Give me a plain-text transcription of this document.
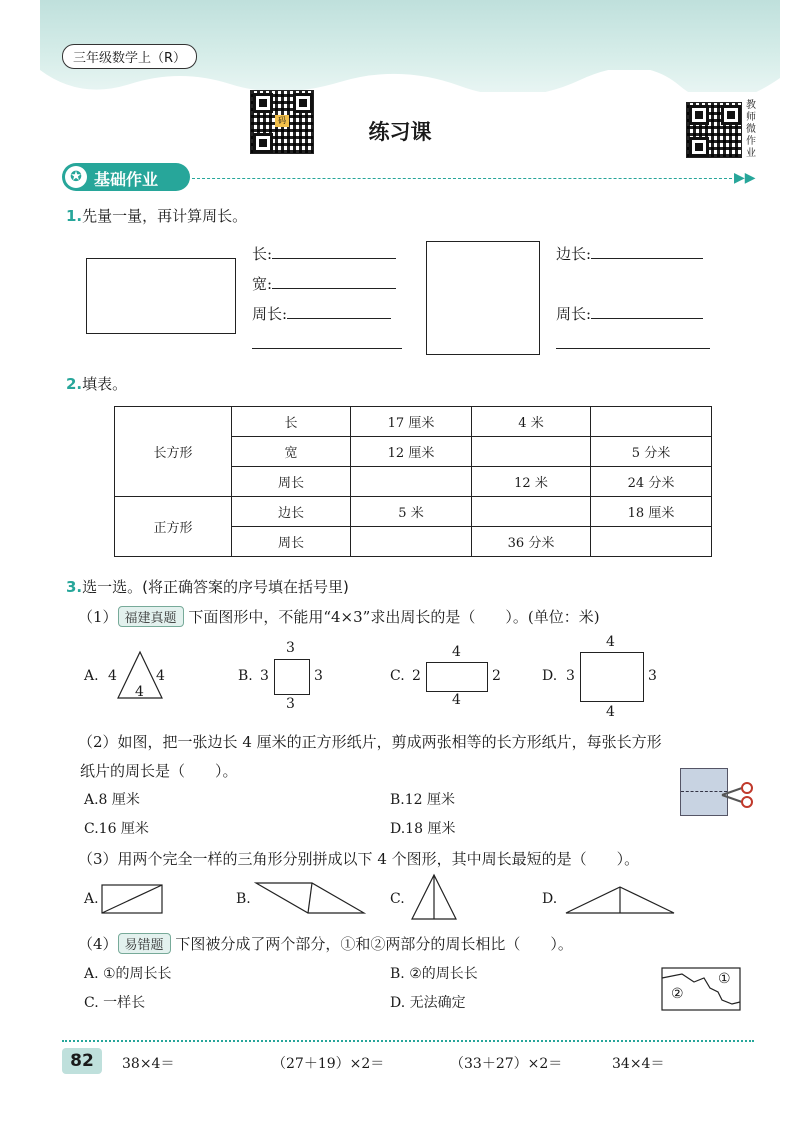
三年级数学上（R）
码	练习课
教师微作业
✪ 基础作业	▶▶
1.先量一量，再计算周长。
长:
宽:
周长:
边长:
周长:
2.填表。
长方形	长	17 厘米	4 米	
	宽	12 厘米		5 分米
	周长		12 米	24 分米
正方形	边长	5 米		18 厘米
	周长		36 分米	
3.选一选。(将正确答案的序号填在括号里)
（1） 福建真题 下面图形中，不能用“4×3”求出周长的是（　　）。(单位：米)
A. 4	4
4
B.
3
3	3
3
C. 2
4
2
4
D. 3
4
3
4
（2）如图，把一张边长 4 厘米的正方形纸片，剪成两张相等的长方形纸片，每张长方形
纸片的周长是（　　）。
A.8 厘米	B.12 厘米
C.16 厘米	D.18 厘米
（3）用两个完全一样的三角形分别拼成以下 4 个图形，其中周长最短的是（　　）。
A.	B.	C.	D.
（4） 易错题 下图被分成了两个部分，①和②两部分的周长相比（　　）。
A. ①的周长长	B. ②的周长长
C. 一样长	D. 无法确定
①
②
82	38×4＝	（27＋19）×2＝	（33＋27）×2＝	34×4＝
